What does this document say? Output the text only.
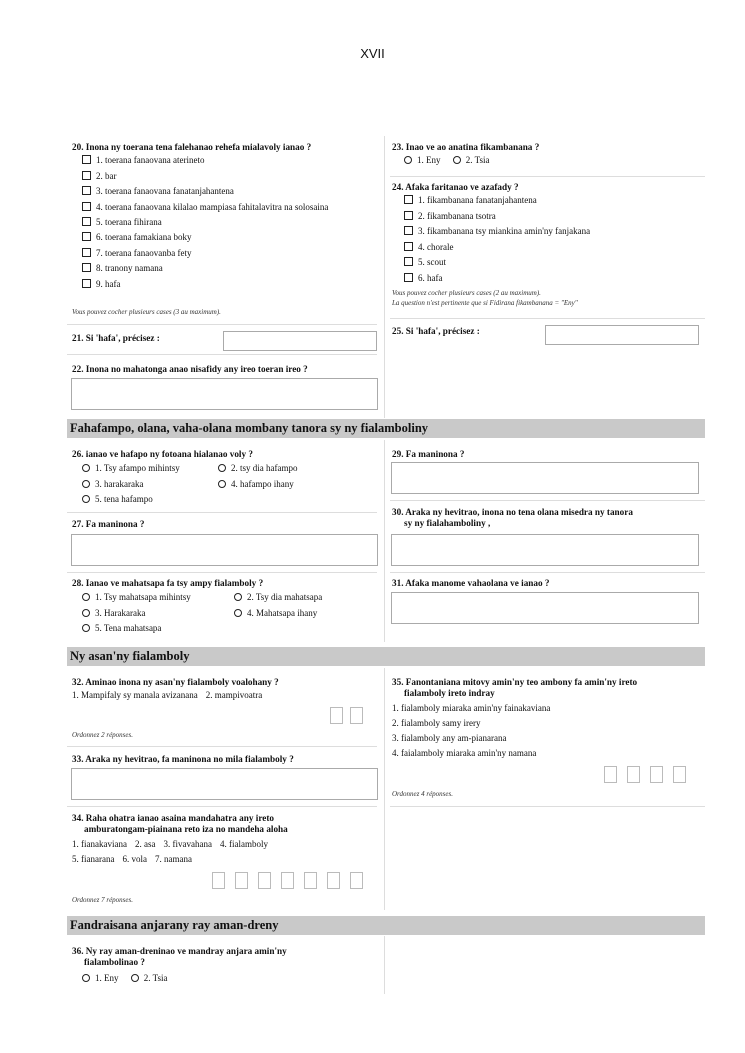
XVII
20. Inona ny toerana tena falehanao rehefa mialavoly ianao ?
1. toerana fanaovana aterineto
2. bar
3. toerana fanaovana fanatanjahantena
4. toerana fanaovana kilalao mampiasa fahitalavitra na solosaina
5. toerana fihirana
6. toerana famakiana boky
7. toerana fanaovanba fety
8. tranony namana
9. hafa
Vous pouvez cocher plusieurs cases (3 au maximum).
21. Si 'hafa', précisez :
22. Inona no mahatonga anao nisafidy any ireo toeran ireo ?
23. Inao ve ao anatina fikambanana ?
1. Eny	2. Tsia
24. Afaka faritanao ve azafady ?
1. fikambanana fanatanjahantena
2. fikambanana tsotra
3. fikambanana tsy miankina amin'ny fanjakana
4. chorale
5. scout
6. hafa
Vous pouvez cocher plusieurs cases (2 au maximum).
La question n'est pertinente que si Fidirana fikambanana = "Eny"
25. Si 'hafa', précisez :
Fahafampo, olana, vaha-olana mombany tanora sy ny fialamboliny
26. ianao ve hafapo ny fotoana hialanao voly ?
1. Tsy afampo mihintsy	2. tsy dia hafampo
3. harakaraka	4. hafampo ihany
5. tena hafampo
27. Fa maninona ?
28. Ianao ve mahatsapa fa tsy ampy fialamboly ?
1. Tsy mahatsapa mihintsy	2. Tsy dia mahatsapa
3. Harakaraka	4. Mahatsapa ihany
5. Tena mahatsapa
29. Fa maninona ?
30. Araka ny hevitrao, inona no tena olana misedra ny tanora
sy ny fialahamboliny ,
31. Afaka manome vahaolana ve ianao ?
Ny asan'ny fialamboly
32. Aminao inona ny asan'ny fialamboly voalohany ?
1. Mampifaly sy manala avizanana 2. mampivoatra
Ordonnez 2 réponses.
33. Araka ny hevitrao, fa maninona no mila fialamboly ?
34. Raha ohatra ianao asaina mandahatra any ireto
amburatongam-piainana reto iza no mandeha aloha
1. fianakaviana 2. asa 3. fivavahana 4. fialamboly
5. fianarana 6. vola 7. namana
Ordonnez 7 réponses.
35. Fanontaniana mitovy amin'ny teo ambony fa amin'ny ireto
fialamboly ireto indray
1. fialamboly miaraka amin'ny fainakaviana
2. fialamboly samy irery
3. fialamboly any am-pianarana
4. faialamboly miaraka amin'ny namana
Ordonnez 4 réponses.
Fandraisana anjarany ray aman-dreny
36. Ny ray aman-dreninao ve mandray anjara amin'ny
fialambolinao ?
1. Eny	2. Tsia
